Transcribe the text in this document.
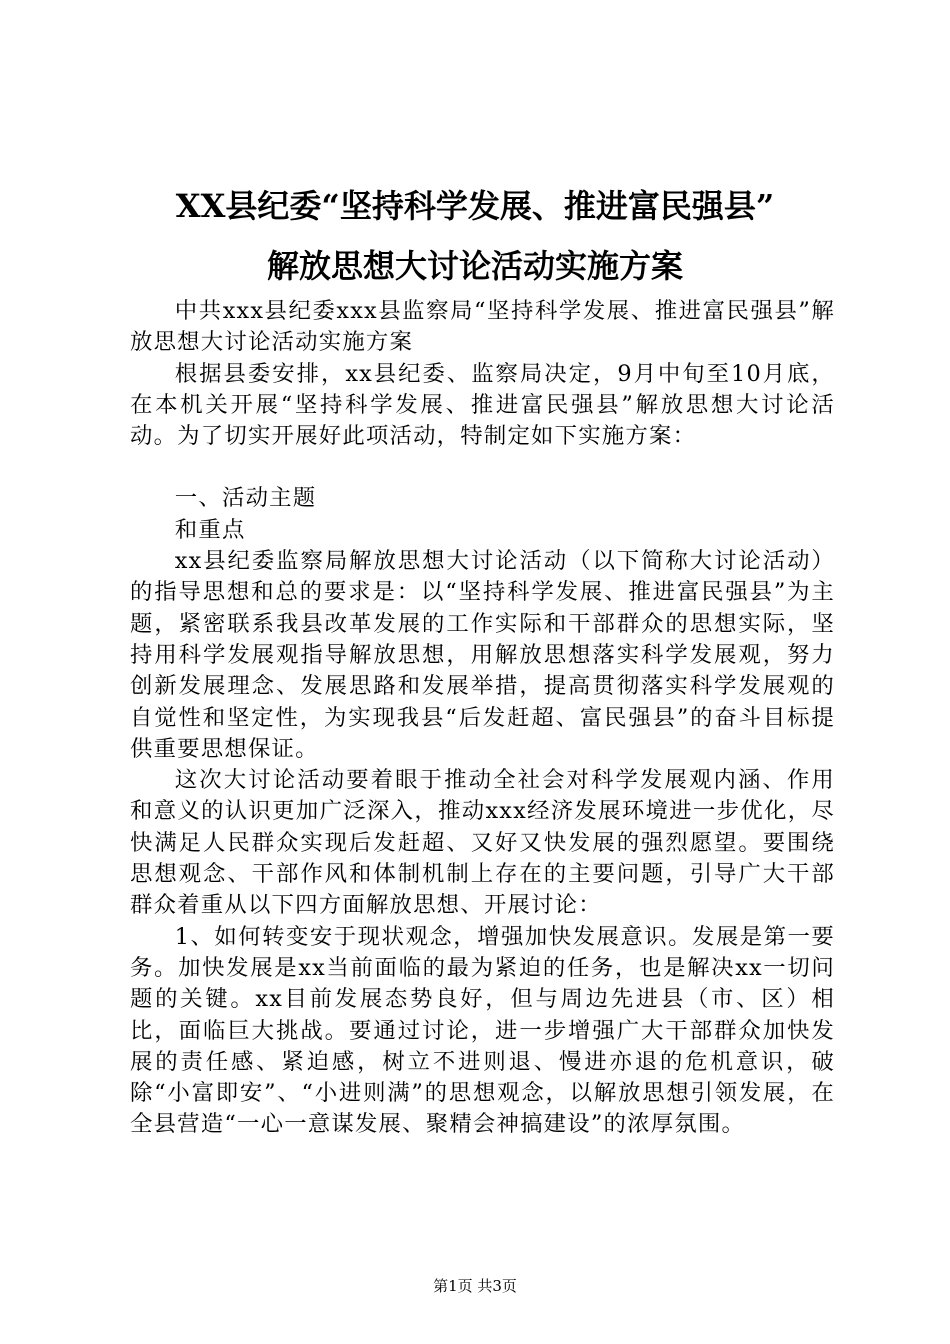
XX县纪委“坚持科学发展、推进富民强县”
解放思想大讨论活动实施方案

中共xxx县纪委xxx县监察局“坚持科学发展、推进富民强县”解放思想大讨论活动实施方案

根据县委安排，xx县纪委、监察局决定，9月中旬至10月底，在本机关开展“坚持科学发展、推进富民强县”解放思想大讨论活动。为了切实开展好此项活动，特制定如下实施方案：

一、活动主题

和重点

xx县纪委监察局解放思想大讨论活动（以下简称大讨论活动）的指导思想和总的要求是：以“坚持科学发展、推进富民强县”为主题，紧密联系我县改革发展的工作实际和干部群众的思想实际，坚持用科学发展观指导解放思想，用解放思想落实科学发展观，努力创新发展理念、发展思路和发展举措，提高贯彻落实科学发展观的自觉性和坚定性，为实现我县“后发赶超、富民强县”的奋斗目标提供重要思想保证。

这次大讨论活动要着眼于推动全社会对科学发展观内涵、作用和意义的认识更加广泛深入，推动xxx经济发展环境进一步优化，尽快满足人民群众实现后发赶超、又好又快发展的强烈愿望。要围绕思想观念、干部作风和体制机制上存在的主要问题，引导广大干部群众着重从以下四方面解放思想、开展讨论：

1、如何转变安于现状观念，增强加快发展意识。发展是第一要务。加快发展是xx当前面临的最为紧迫的任务，也是解决xx一切问题的关键。xx目前发展态势良好，但与周边先进县（市、区）相比，面临巨大挑战。要通过讨论，进一步增强广大干部群众加快发展的责任感、紧迫感，树立不进则退、慢进亦退的危机意识，破除“小富即安”、“小进则满”的思想观念，以解放思想引领发展，在全县营造“一心一意谋发展、聚精会神搞建设”的浓厚氛围。

第1页 共3页
